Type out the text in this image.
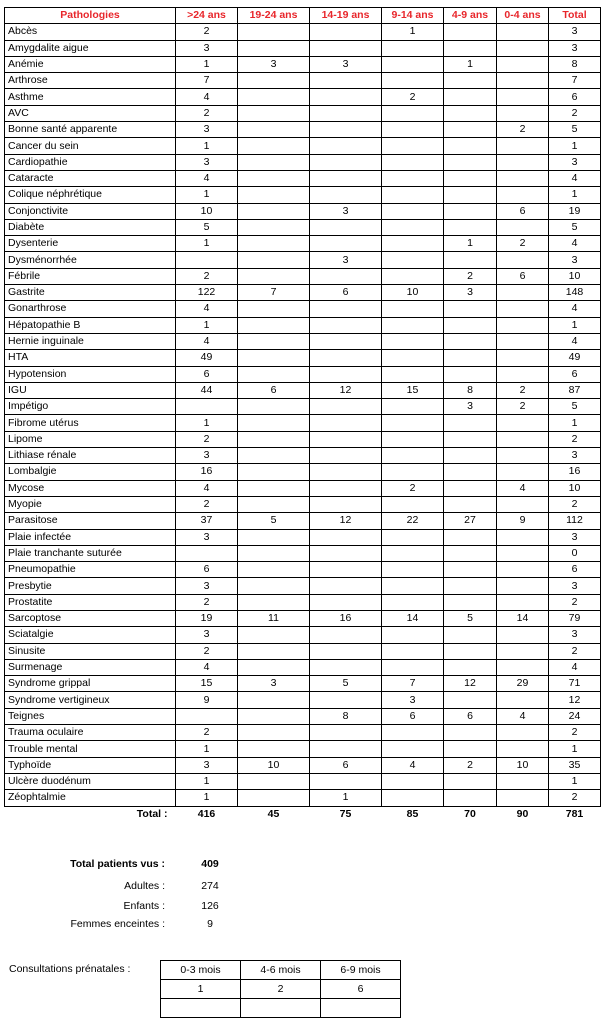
Pathologies	>24 ans	19-24 ans	14-19 ans	9-14 ans	4-9 ans	0-4 ans	Total
Abcès	2			1			3
Amygdalite aigue	3						3
Anémie	1	3	3		1		8
Arthrose	7						7
Asthme	4			2			6
AVC	2						2
Bonne santé apparente	3					2	5
Cancer du sein	1						1
Cardiopathie	3						3
Cataracte	4						4
Colique néphrétique	1						1
Conjonctivite	10		3			6	19
Diabète	5						5
Dysenterie	1				1	2	4
Dysménorrhée			3				3
Fébrile	2				2	6	10
Gastrite	122	7	6	10	3		148
Gonarthrose	4						4
Hépatopathie B	1						1
Hernie inguinale	4						4
HTA	49						49
Hypotension	6						6
IGU	44	6	12	15	8	2	87
Impétigo					3	2	5
Fibrome utérus	1						1
Lipome	2						2
Lithiase rénale	3						3
Lombalgie	16						16
Mycose	4			2		4	10
Myopie	2						2
Parasitose	37	5	12	22	27	9	112
Plaie infectée	3						3
Plaie tranchante suturée							0
Pneumopathie	6						6
Presbytie	3						3
Prostatite	2						2
Sarcoptose	19	11	16	14	5	14	79
Sciatalgie	3						3
Sinusite	2						2
Surmenage	4						4
Syndrome grippal	15	3	5	7	12	29	71
Syndrome vertigineux	9			3			12
Teignes			8	6	6	4	24
Trauma oculaire	2						2
Trouble mental	1						1
Typhoïde	3	10	6	4	2	10	35
Ulcère duodénum	1						1
Zéophtalmie	1		1				2
Total :	416	45	75	85	70	90	781
Total patients vus :	409
Adultes :	274
Enfants :	126
Femmes enceintes :	9
Consultations prénatales :	0-3 mois	4-6 mois	6-9 mois
1	2	6
